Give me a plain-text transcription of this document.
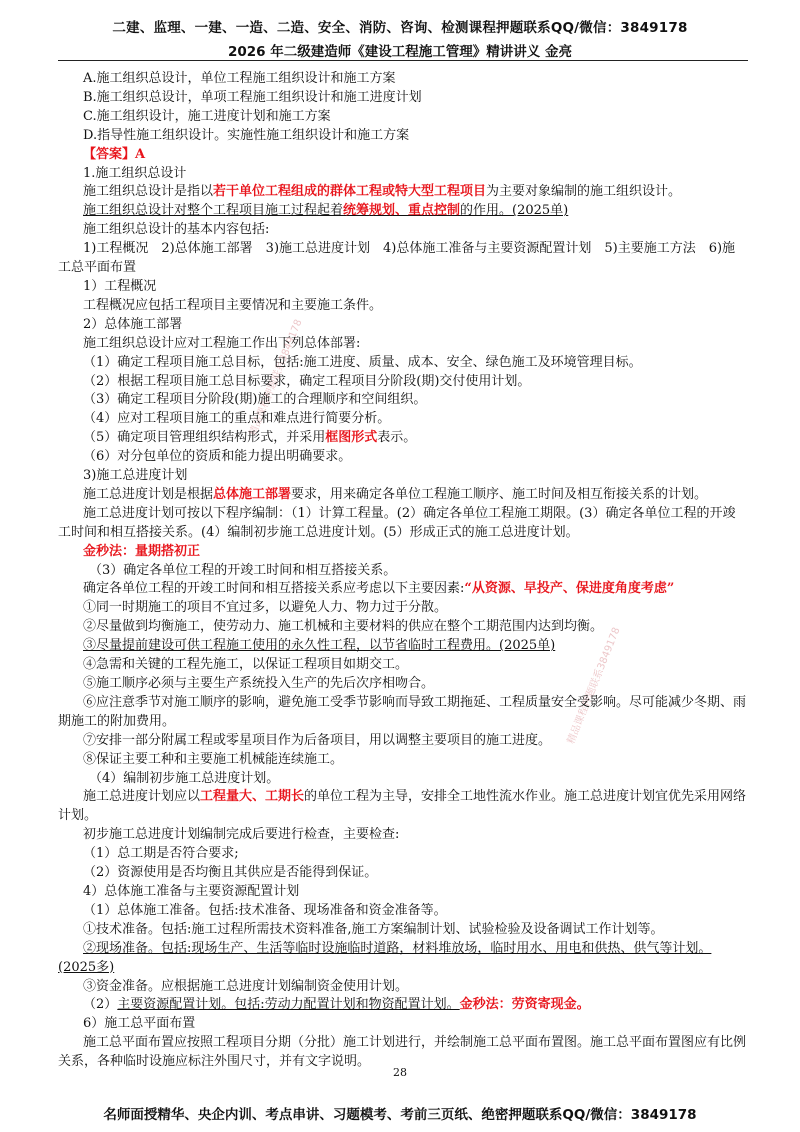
二建、监理、一建、一造、二造、安全、消防、咨询、检测课程押题联系QQ/微信：3849178
2026 年二级建造师《建设工程施工管理》精讲讲义 金亮
精品课程押题联系3849178
精品课程押题联系3849178
A.施工组织总设计，单位工程施工组织设计和施工方案
B.施工组织总设计，单项工程施工组织设计和施工进度计划
C.施工组织设计，施工进度计划和施工方案
D.指导性施工组织设计。实施性施工组织设计和施工方案
【答案】A
1.施工组织总设计
施工组织总设计是指以若干单位工程组成的群体工程或特大型工程项目为主要对象编制的施工组织设计。
施工组织总设计对整个工程项目施工过程起着统筹规划、重点控制的作用。(2025单)
施工组织总设计的基本内容包括:
1)工程概况　2)总体施工部署　3)施工总进度计划　4)总体施工准备与主要资源配置计划　5)主要施工方法　6)施工总平面布置
1）工程概况
工程概况应包括工程项目主要情况和主要施工条件。
2）总体施工部署
施工组织总设计应对工程施工作出下列总体部署:
（1）确定工程项目施工总目标，包括:施工进度、质量、成本、安全、绿色施工及环境管理目标。
（2）根据工程项目施工总目标要求，确定工程项目分阶段(期)交付使用计划。
（3）确定工程项目分阶段(期)施工的合理顺序和空间组织。
（4）应对工程项目施工的重点和难点进行简要分析。
（5）确定项目管理组织结构形式，并采用框图形式表示。
（6）对分包单位的资质和能力提出明确要求。
3)施工总进度计划
施工总进度计划是根据总体施工部署要求，用来确定各单位工程施工顺序、施工时间及相互衔接关系的计划。
施工总进度计划可按以下程序编制：（1）计算工程量。(2）确定各单位工程施工期限。(3）确定各单位工程的开竣工时间和相互搭接关系。(4）编制初步施工总进度计划。(5）形成正式的施工总进度计划。
金秒法：量期搭初正
（3）确定各单位工程的开竣工时间和相互搭接关系。
确定各单位工程的开竣工时间和相互搭接关系应考虑以下主要因素:“从资源、早投产、保进度角度考虑”
①同一时期施工的项目不宜过多，以避免人力、物力过于分散。
②尽量做到均衡施工，使劳动力、施工机械和主要材料的供应在整个工期范围内达到均衡。
③尽量提前建设可供工程施工使用的永久性工程，以节省临时工程费用。(2025单)
④急需和关键的工程先施工，以保证工程项目如期交工。
⑤施工顺序必须与主要生产系统投入生产的先后次序相吻合。
⑥应注意季节对施工顺序的影响，避免施工受季节影响而导致工期拖延、工程质量安全受影响。尽可能减少冬期、雨期施工的附加费用。
⑦安排一部分附属工程或零星项目作为后备项目，用以调整主要项目的施工进度。
⑧保证主要工种和主要施工机械能连续施工。
（4）编制初步施工总进度计划。
施工总进度计划应以工程量大、工期长的单位工程为主导，安排全工地性流水作业。施工总进度计划宜优先采用网络计划。
初步施工总进度计划编制完成后要进行检查，主要检查:
（1）总工期是否符合要求;
（2）资源使用是否均衡且其供应是否能得到保证。
4）总体施工准备与主要资源配置计划
（1）总体施工准备。包括:技术准备、现场准备和资金准备等。
①技术准备。包括:施工过程所需技术资料准备,施工方案编制计划、试验检验及设备调试工作计划等。
②现场准备。包括:现场生产、生活等临时设施临时道路，材料堆放场，临时用水、用电和供热、供气等计划。(2025多)
③资金准备。应根据施工总进度计划编制资金使用计划。
（2）主要资源配置计划。包括:劳动力配置计划和物资配置计划。金秒法：劳资寄现金。
6）施工总平面布置
施工总平面布置应按照工程项目分期（分批）施工计划进行，并绘制施工总平面布置图。施工总平面布置图应有比例关系，各种临时设施应标注外围尺寸，并有文字说明。
28
名师面授精华、央企内训、考点串讲、习题模考、考前三页纸、绝密押题联系QQ/微信：3849178
